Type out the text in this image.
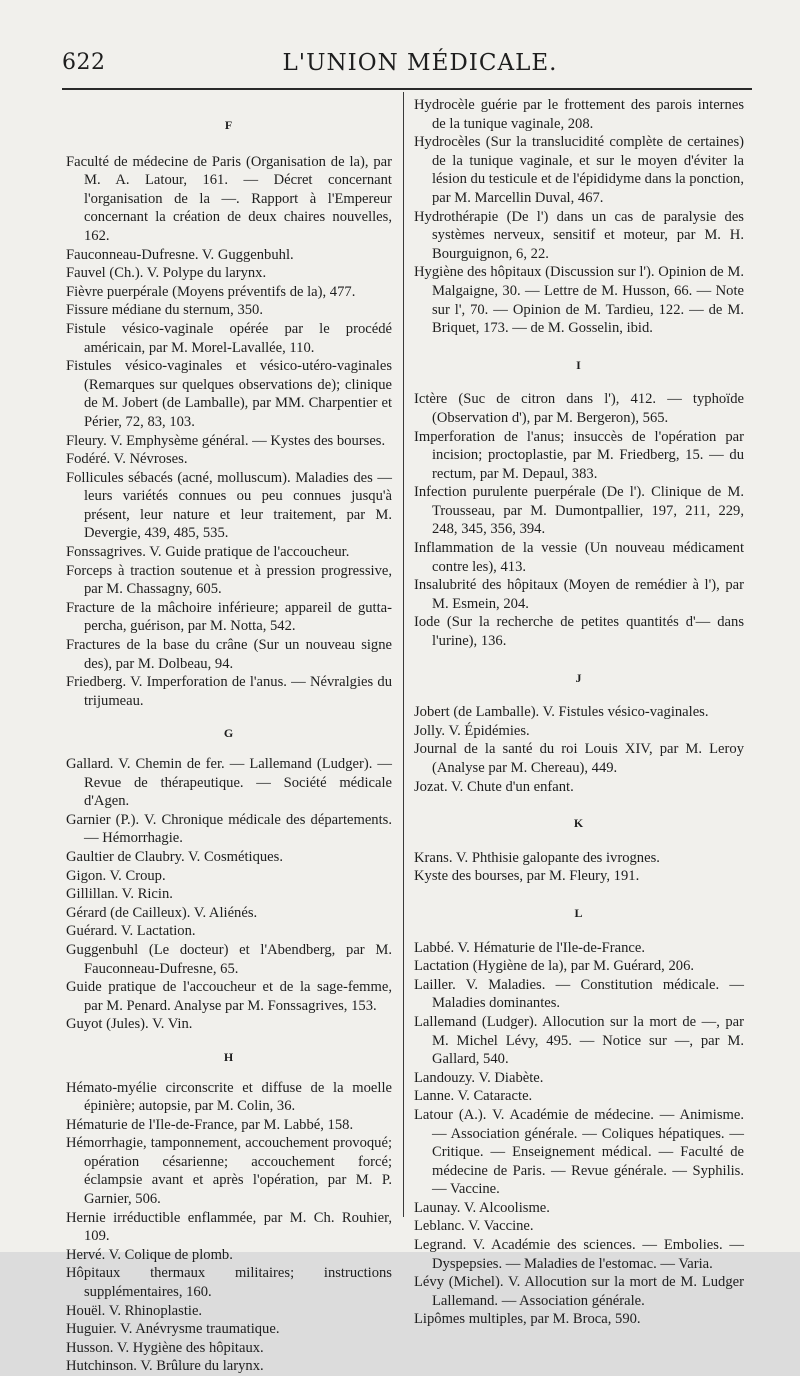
622	L'UNION MÉDICALE.

F

Faculté de médecine de Paris (Organisation de la), par M. A. Latour, 161. — Décret concernant l'organisation de la —. Rapport à l'Empereur concernant la création de deux chaires nouvelles, 162.

Fauconneau-Dufresne. V. Guggenbuhl.

Fauvel (Ch.). V. Polype du larynx.

Fièvre puerpérale (Moyens préventifs de la), 477.

Fissure médiane du sternum, 350.

Fistule vésico-vaginale opérée par le procédé américain, par M. Morel-Lavallée, 110.

Fistules vésico-vaginales et vésico-utéro-vaginales (Remarques sur quelques observations de); clinique de M. Jobert (de Lamballe), par MM. Charpentier et Périer, 72, 83, 103.

Fleury. V. Emphysème général. — Kystes des bourses.

Fodéré. V. Névroses.

Follicules sébacés (acné, molluscum). Maladies des — leurs variétés connues ou peu connues jusqu'à présent, leur nature et leur traitement, par M. Devergie, 439, 485, 535.

Fonssagrives. V. Guide pratique de l'accoucheur.

Forceps à traction soutenue et à pression progressive, par M. Chassagny, 605.

Fracture de la mâchoire inférieure; appareil de gutta-percha, guérison, par M. Notta, 542.

Fractures de la base du crâne (Sur un nouveau signe des), par M. Dolbeau, 94.

Friedberg. V. Imperforation de l'anus. — Névralgies du trijumeau.

G

Gallard. V. Chemin de fer. — Lallemand (Ludger). — Revue de thérapeutique. — Société médicale d'Agen.

Garnier (P.). V. Chronique médicale des départements. — Hémorrhagie.

Gaultier de Claubry. V. Cosmétiques.

Gigon. V. Croup.

Gillillan. V. Ricin.

Gérard (de Cailleux). V. Aliénés.

Guérard. V. Lactation.

Guggenbuhl (Le docteur) et l'Abendberg, par M. Fauconneau-Dufresne, 65.

Guide pratique de l'accoucheur et de la sage-femme, par M. Penard. Analyse par M. Fonssagrives, 153.

Guyot (Jules). V. Vin.

H

Hémato-myélie circonscrite et diffuse de la moelle épinière; autopsie, par M. Colin, 36.

Hématurie de l'Ile-de-France, par M. Labbé, 158.

Hémorrhagie, tamponnement, accouchement provoqué; opération césarienne; accouchement forcé; éclampsie avant et après l'opération, par M. P. Garnier, 506.

Hernie irréductible enflammée, par M. Ch. Rouhier, 109.

Hervé. V. Colique de plomb.

Hôpitaux thermaux militaires; instructions supplémentaires, 160.

Houël. V. Rhinoplastie.

Huguier. V. Anévrysme traumatique.

Husson. V. Hygiène des hôpitaux.

Hutchinson. V. Brûlure du larynx.

Hydrocèle guérie par le frottement des parois internes de la tunique vaginale, 208.

Hydrocèles (Sur la translucidité complète de certaines) de la tunique vaginale, et sur le moyen d'éviter la lésion du testicule et de l'épididyme dans la ponction, par M. Marcellin Duval, 467.

Hydrothérapie (De l') dans un cas de paralysie des systèmes nerveux, sensitif et moteur, par M. H. Bourguignon, 6, 22.

Hygiène des hôpitaux (Discussion sur l'). Opinion de M. Malgaigne, 30. — Lettre de M. Husson, 66. — Note sur l', 70. — Opinion de M. Tardieu, 122. — de M. Briquet, 173. — de M. Gosselin, ibid.

I

Ictère (Suc de citron dans l'), 412. — typhoïde (Observation d'), par M. Bergeron), 565.

Imperforation de l'anus; insuccès de l'opération par incision; proctoplastie, par M. Friedberg, 15. — du rectum, par M. Depaul, 383.

Infection purulente puerpérale (De l'). Clinique de M. Trousseau, par M. Dumontpallier, 197, 211, 229, 248, 345, 356, 394.

Inflammation de la vessie (Un nouveau médicament contre les), 413.

Insalubrité des hôpitaux (Moyen de remédier à l'), par M. Esmein, 204.

Iode (Sur la recherche de petites quantités d'— dans l'urine), 136.

J

Jobert (de Lamballe). V. Fistules vésico-vaginales.

Jolly. V. Épidémies.

Journal de la santé du roi Louis XIV, par M. Leroy (Analyse par M. Chereau), 449.

Jozat. V. Chute d'un enfant.

K

Krans. V. Phthisie galopante des ivrognes.

Kyste des bourses, par M. Fleury, 191.

L

Labbé. V. Hématurie de l'Ile-de-France.

Lactation (Hygiène de la), par M. Guérard, 206.

Lailler. V. Maladies. — Constitution médicale. — Maladies dominantes.

Lallemand (Ludger). Allocution sur la mort de —, par M. Michel Lévy, 495. — Notice sur —, par M. Gallard, 540.

Landouzy. V. Diabète.

Lanne. V. Cataracte.

Latour (A.). V. Académie de médecine. — Animisme. — Association générale. — Coliques hépatiques. — Critique. — Enseignement médical. — Faculté de médecine de Paris. — Revue générale. — Syphilis. — Vaccine.

Launay. V. Alcoolisme.

Leblanc. V. Vaccine.

Legrand. V. Académie des sciences. — Embolies. — Dyspepsies. — Maladies de l'estomac. — Varia.

Lévy (Michel). V. Allocution sur la mort de M. Ludger Lallemand. — Association générale.

Lipômes multiples, par M. Broca, 590.
